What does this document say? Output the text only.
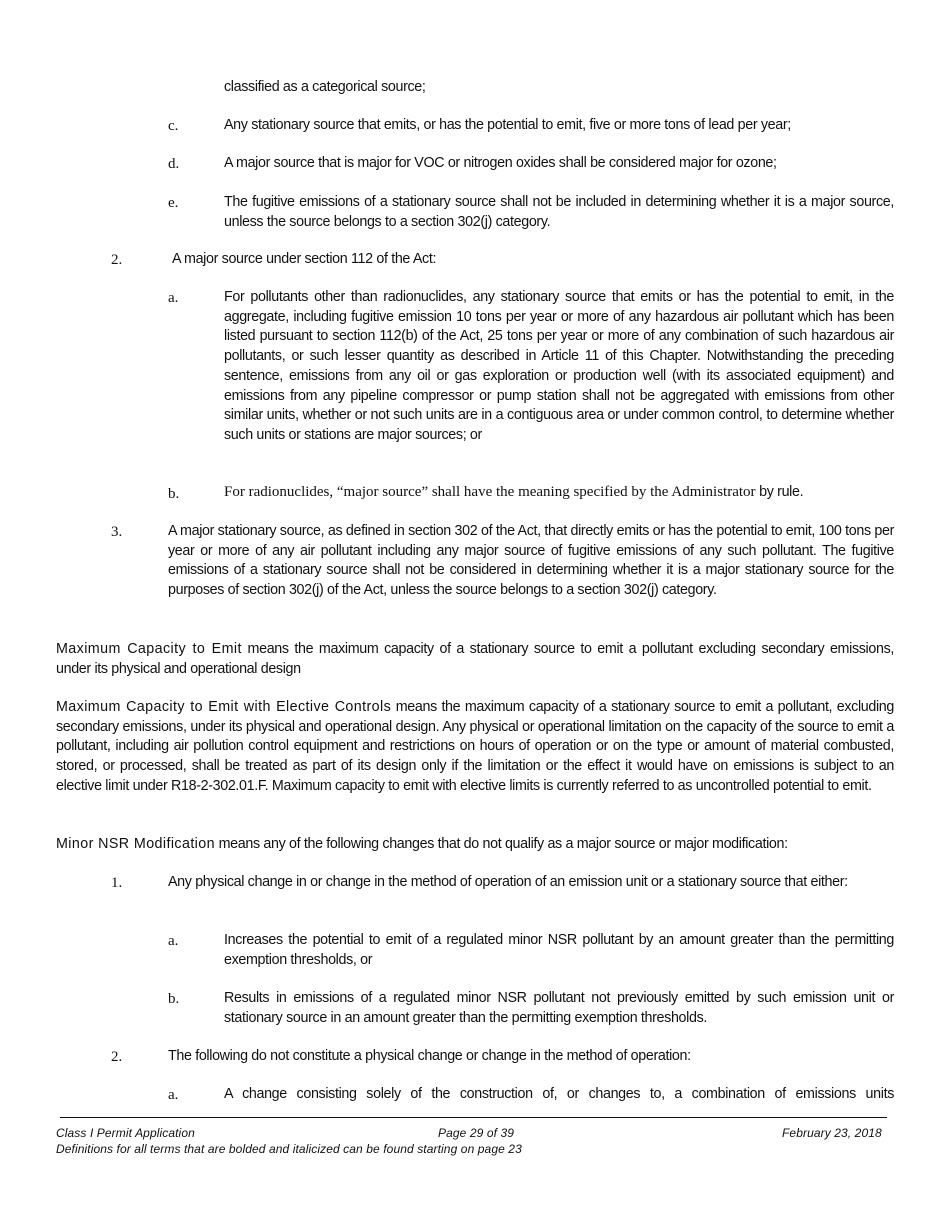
classified as a categorical source;
c.	Any stationary source that emits, or has the potential to emit, five or more tons of lead per year;
d.	A major source that is major for VOC or nitrogen oxides shall be considered major for ozone;
e.	The fugitive emissions of a stationary source shall not be included in determining whether it is a major source, unless the source belongs to a section 302(j) category.
2.	A major source under section 112 of the Act:
a.	For pollutants other than radionuclides, any stationary source that emits or has the potential to emit, in the aggregate, including fugitive emission 10 tons per year or more of any hazardous air pollutant which has been listed pursuant to section 112(b) of the Act, 25 tons per year or more of any combination of such hazardous air pollutants, or such lesser quantity as described in Article 11 of this Chapter. Notwithstanding the preceding sentence, emissions from any oil or gas exploration or production well (with its associated equipment) and emissions from any pipeline compressor or pump station shall not be aggregated with emissions from other similar units, whether or not such units are in a contiguous area or under common control, to determine whether such units or stations are major sources; or
b.	For radionuclides, “major source” shall have the meaning specified by the Administrator by rule.
3.	A major stationary source, as defined in section 302 of the Act, that directly emits or has the potential to emit, 100 tons per year or more of any air pollutant including any major source of fugitive emissions of any such pollutant. The fugitive emissions of a stationary source shall not be considered in determining whether it is a major stationary source for the purposes of section 302(j) of the Act, unless the source belongs to a section 302(j) category.
Maximum Capacity to Emit means the maximum capacity of a stationary source to emit a pollutant excluding secondary emissions, under its physical and operational design
Maximum Capacity to Emit with Elective Controls means the maximum capacity of a stationary source to emit a pollutant, excluding secondary emissions, under its physical and operational design. Any physical or operational limitation on the capacity of the source to emit a pollutant, including air pollution control equipment and restrictions on hours of operation or on the type or amount of material combusted, stored, or processed, shall be treated as part of its design only if the limitation or the effect it would have on emissions is subject to an elective limit under R18-2-302.01.F. Maximum capacity to emit with elective limits is currently referred to as uncontrolled potential to emit.
Minor NSR Modification means any of the following changes that do not qualify as a major source or major modification:
1.	Any physical change in or change in the method of operation of an emission unit or a stationary source that either:
a.	Increases the potential to emit of a regulated minor NSR pollutant by an amount greater than the permitting exemption thresholds, or
b.	Results in emissions of a regulated minor NSR pollutant not previously emitted by such emission unit or stationary source in an amount greater than the permitting exemption thresholds.
2.	The following do not constitute a physical change or change in the method of operation:
a.	A change consisting solely of the construction of, or changes to, a combination of emissions units
Class I Permit Application	Page 29 of 39	February 23, 2018
Definitions for all terms that are bolded and italicized can be found starting on page 23
